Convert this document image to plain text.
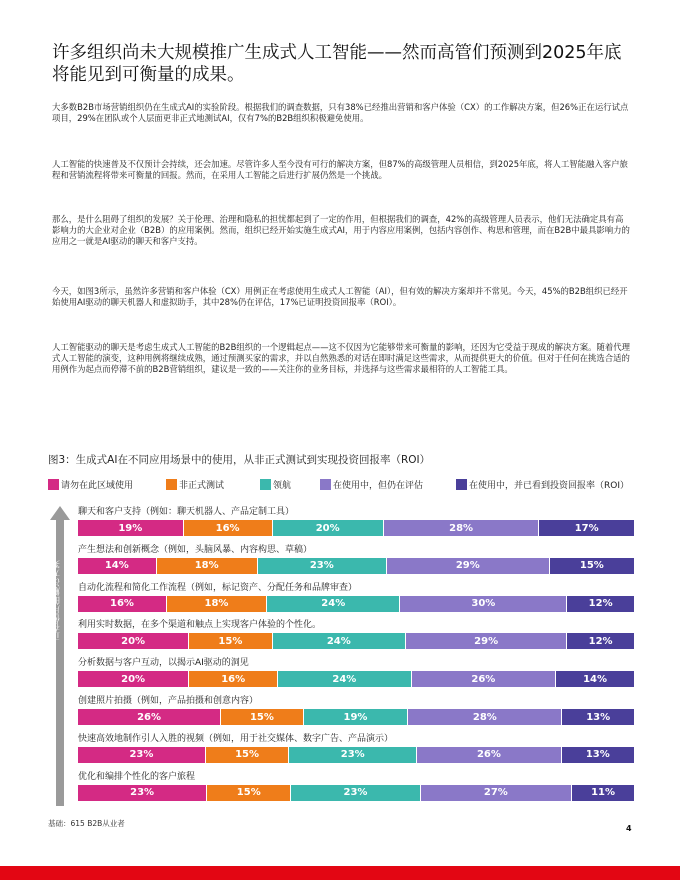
许多组织尚未大规模推广生成式人工智能——然而高管们预测到2025年底将能见到可衡量的成果。

大多数B2B市场营销组织仍在生成式AI的实验阶段。根据我们的调查数据，只有38%已经推出营销和客户体验（CX）的工作解决方案，但26%正在运行试点项目，29%在团队或个人层面更非正式地测试AI，仅有7%的B2B组织积极避免使用。

人工智能的快速普及不仅预计会持续，还会加速。尽管许多人至今没有可行的解决方案，但87%的高级管理人员相信，到2025年底，将人工智能融入客户旅程和营销流程将带来可衡量的回报。然而，在采用人工智能之后进行扩展仍然是一个挑战。

那么，是什么阻碍了组织的发展？关于伦理、治理和隐私的担忧都起到了一定的作用，但根据我们的调查，42%的高级管理人员表示，他们无法确定具有高影响力的大企业对企业（B2B）的应用案例。然而，组织已经开始实施生成式AI，用于内容应用案例，包括内容创作、构思和管理，而在B2B中最具影响力的应用之一就是AI驱动的聊天和客户支持。

今天，如图3所示，虽然许多营销和客户体验（CX）用例正在考虑使用生成式人工智能（AI），但有效的解决方案却并不常见。今天，45%的B2B组织已经开始使用AI驱动的聊天机器人和虚拟助手，其中28%仍在评估，17%已证明投资回报率（ROI）。

人工智能驱动的聊天是考虑生成式人工智能的B2B组织的一个逻辑起点——这不仅因为它能够带来可衡量的影响，还因为它受益于现成的解决方案。随着代理式人工智能的演变，这种用例将继续成熟，通过预测买家的需求，并以自然熟悉的对话在即时满足这些需求，从而提供更大的价值。但对于任何在挑选合适的用例作为起点而停滞不前的B2B营销组织，建议是一致的——关注你的业务目标，并选择与这些需求最相符的人工智能工具。

图3：生成式AI在不同应用场景中的使用，从非正式测试到实现投资回报率（ROI）
请勿在此区域使用	非正式测试	领航	在使用中，但仍在评估	在使用中，并已看到投资回报率（ROI）
正在使用的解决方案
聊天和客户支持（例如：聊天机器人、产品定制工具）
19%	16%	20%	28%	17%
产生想法和创新概念（例如，头脑风暴、内容构思、草稿）
14%	18%	23%	29%	15%
自动化流程和简化工作流程（例如，标记资产、分配任务和品牌审查）
16%	18%	24%	30%	12%
利用实时数据，在多个渠道和触点上实现客户体验的个性化。
20%	15%	24%	29%	12%
分析数据与客户互动，以揭示AI驱动的洞见
20%	16%	24%	26%	14%
创建照片拍摄（例如，产品拍摄和创意内容）
26%	15%	19%	28%	13%
快速高效地制作引人入胜的视频（例如，用于社交媒体、数字广告、产品演示）
23%	15%	23%	26%	13%
优化和编排个性化的客户旅程
23%	15%	23%	27%	11%
基础：615 B2B从业者
4
